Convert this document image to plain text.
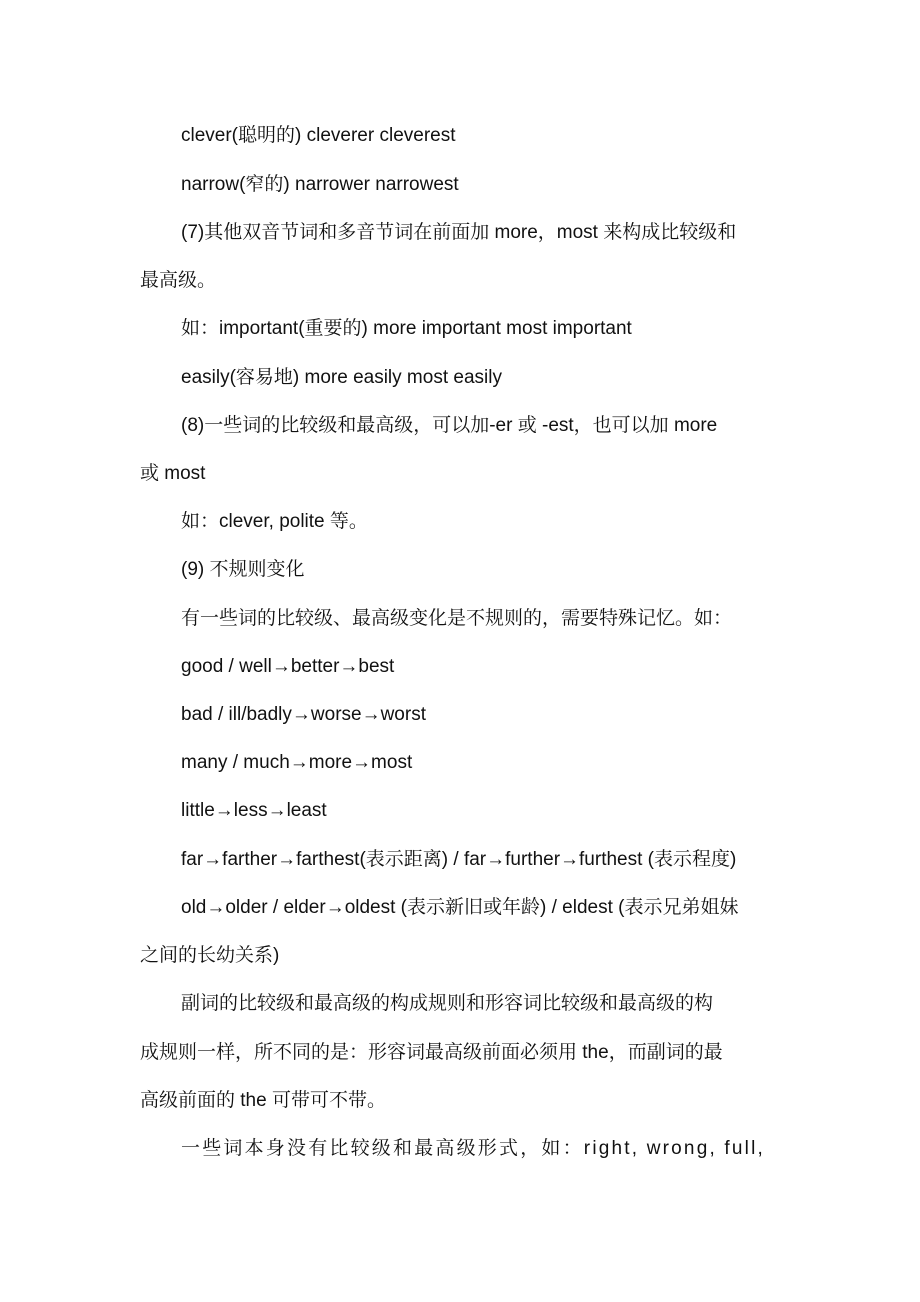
clever(聪明的) cleverer cleverest
narrow(窄的) narrower narrowest
(7)其他双音节词和多音节词在前面加 more，most 来构成比较级和
最高级。
如：important(重要的) more important most important
easily(容易地) more easily most easily
(8)一些词的比较级和最高级，可以加-er 或 -est，也可以加 more
或 most
如：clever, polite 等。
(9) 不规则变化
有一些词的比较级、最高级变化是不规则的，需要特殊记忆。如：
good / well→better→best
bad / ill/badly→worse→worst
many / much→more→most
little→less→least
far→farther→farthest(表示距离) / far→further→furthest (表示程度)
old→older / elder→oldest (表示新旧或年龄) / eldest (表示兄弟姐妹
之间的长幼关系)
副词的比较级和最高级的构成规则和形容词比较级和最高级的构
成规则一样，所不同的是：形容词最高级前面必须用 the，而副词的最
高级前面的 the 可带可不带。
一些词本身没有比较级和最高级形式，如：right, wrong, full,
